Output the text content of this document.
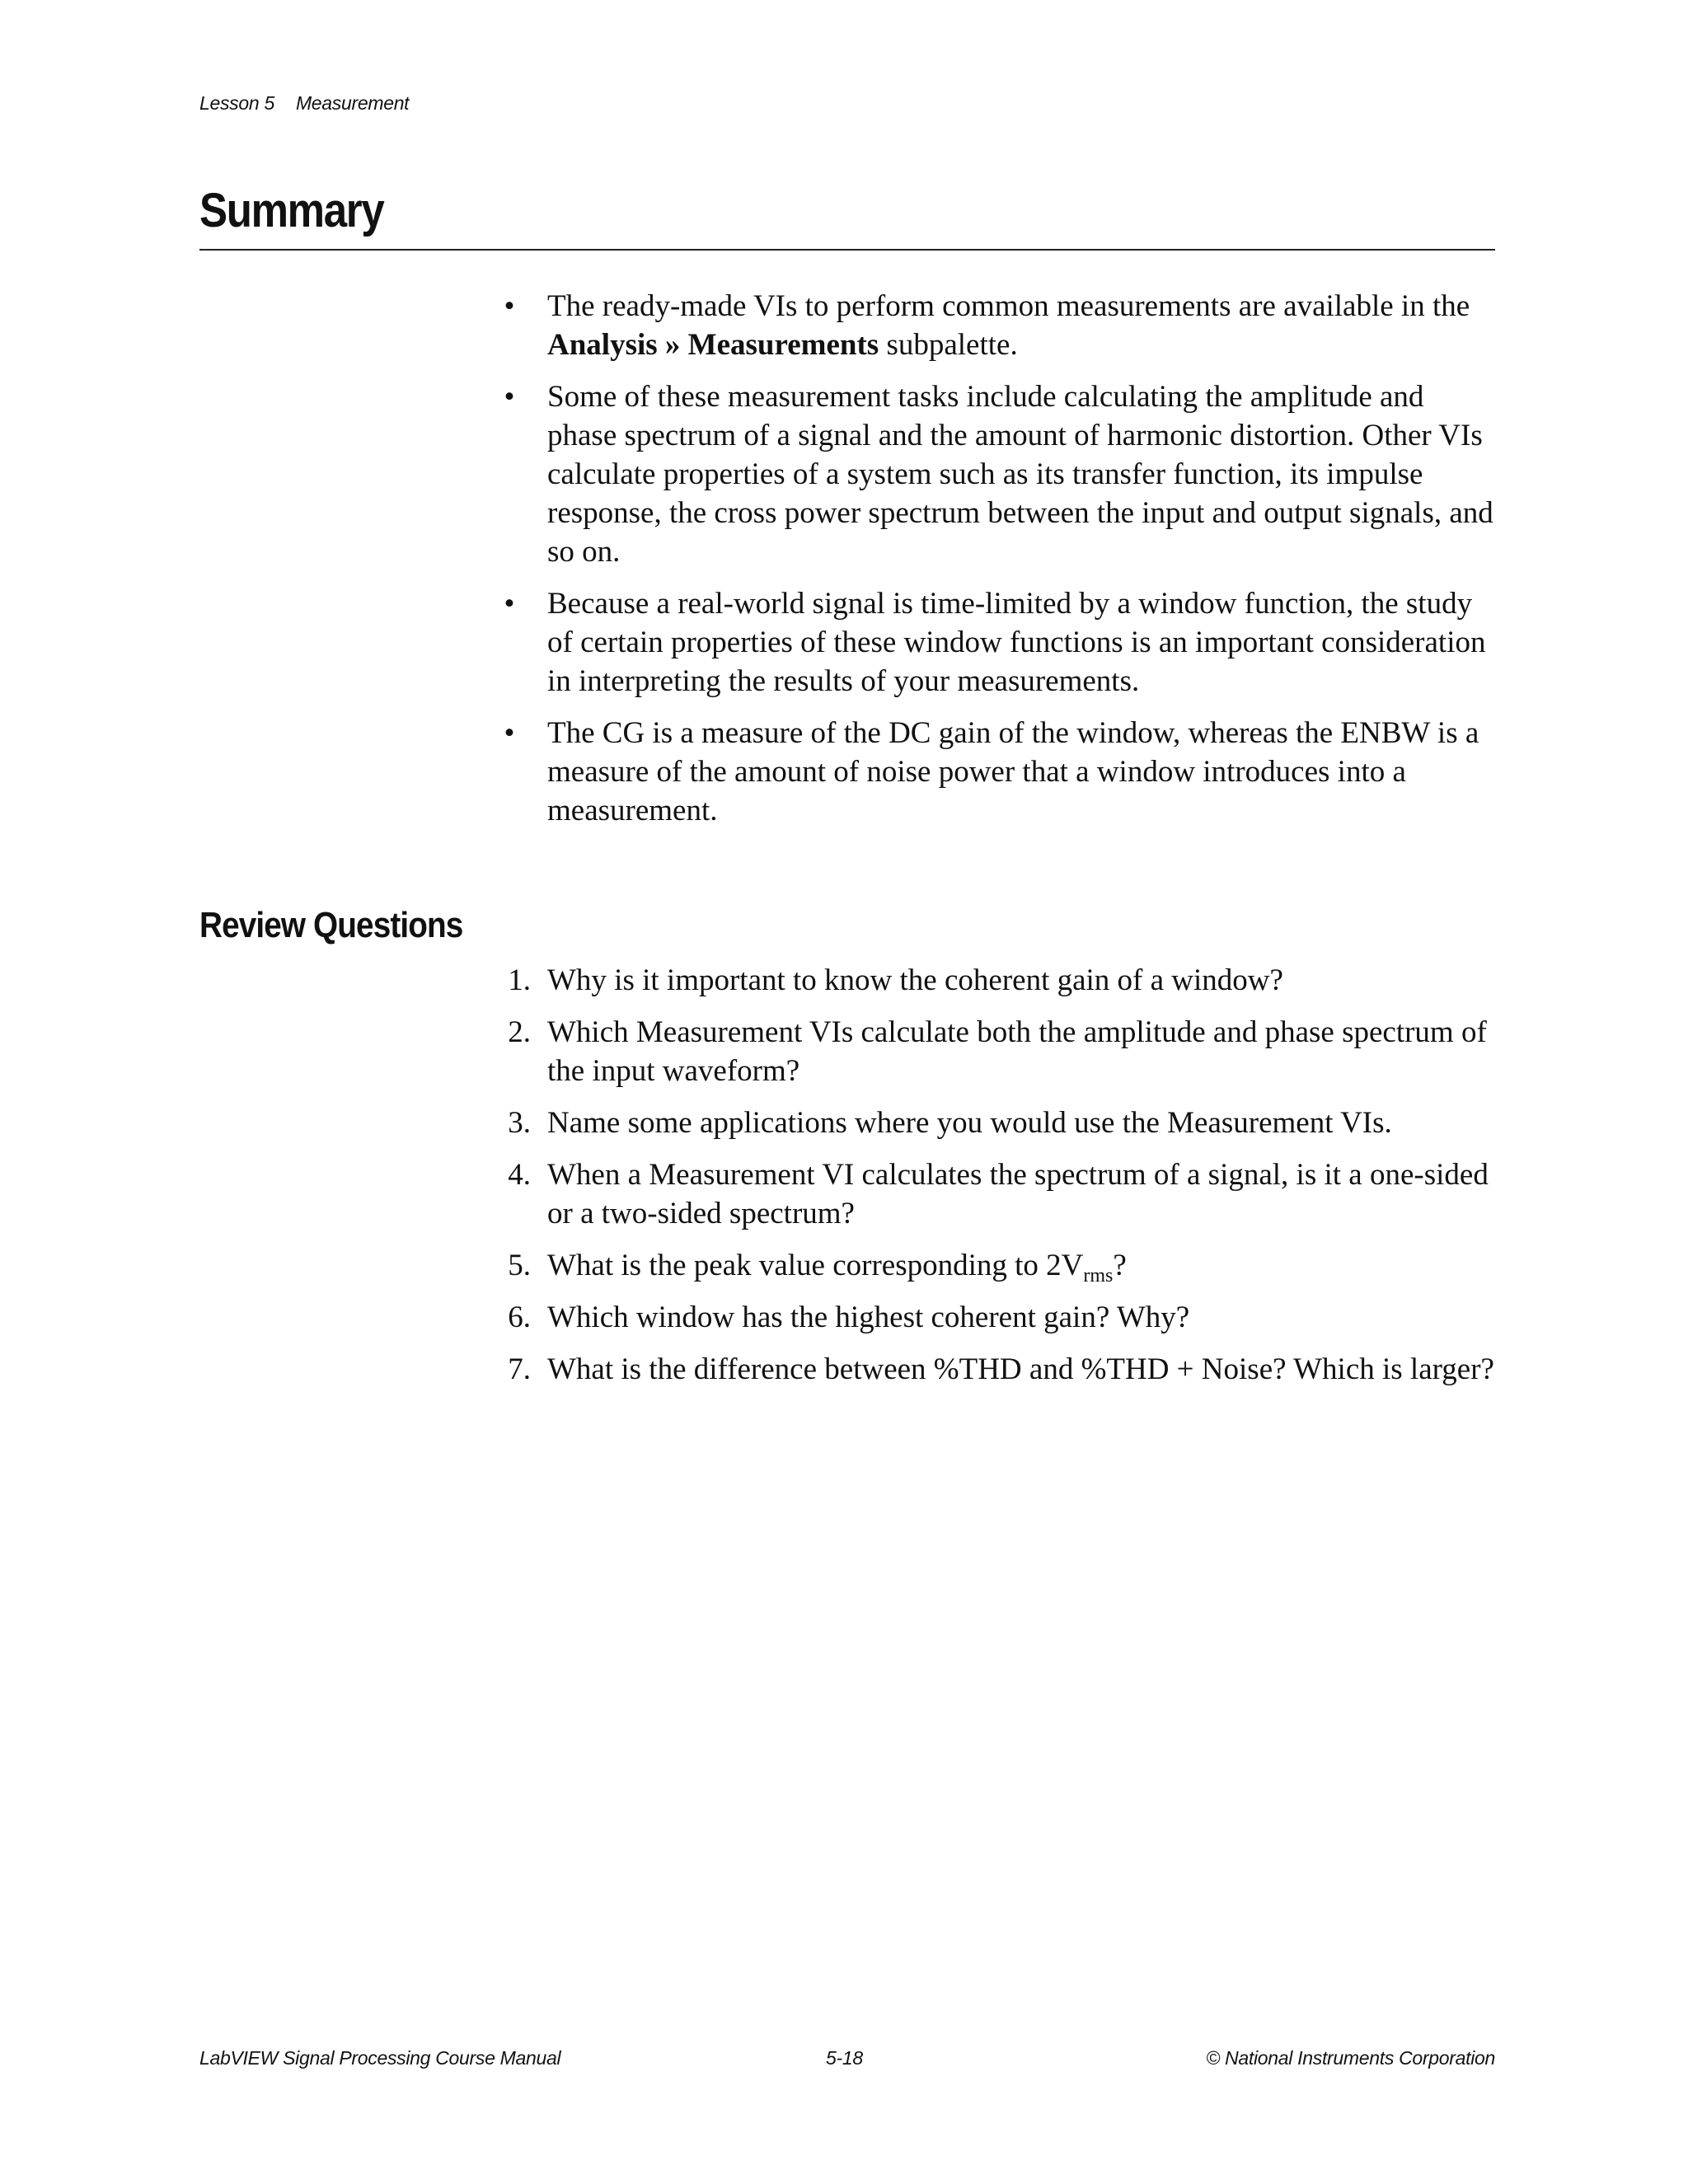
Lesson 5 Measurement
Summary
•	The ready-made VIs to perform common measurements are available in the Analysis » Measurements subpalette.
•	Some of these measurement tasks include calculating the amplitude and phase spectrum of a signal and the amount of harmonic distortion. Other VIs calculate properties of a system such as its transfer function, its impulse response, the cross power spectrum between the input and output signals, and so on.
•	Because a real-world signal is time-limited by a window function, the study of certain properties of these window functions is an important consideration in interpreting the results of your measurements.
•	The CG is a measure of the DC gain of the window, whereas the ENBW is a measure of the amount of noise power that a window introduces into a measurement.
Review Questions
1. Why is it important to know the coherent gain of a window?
2. Which Measurement VIs calculate both the amplitude and phase spectrum of the input waveform?
3. Name some applications where you would use the Measurement VIs.
4. When a Measurement VI calculates the spectrum of a signal, is it a one-sided or a two-sided spectrum?
5. What is the peak value corresponding to $2V_{rms}$?
6. Which window has the highest coherent gain? Why?
7. What is the difference between %THD and %THD + Noise? Which is larger?
LabVIEW Signal Processing Course Manual	5-18	© National Instruments Corporation
